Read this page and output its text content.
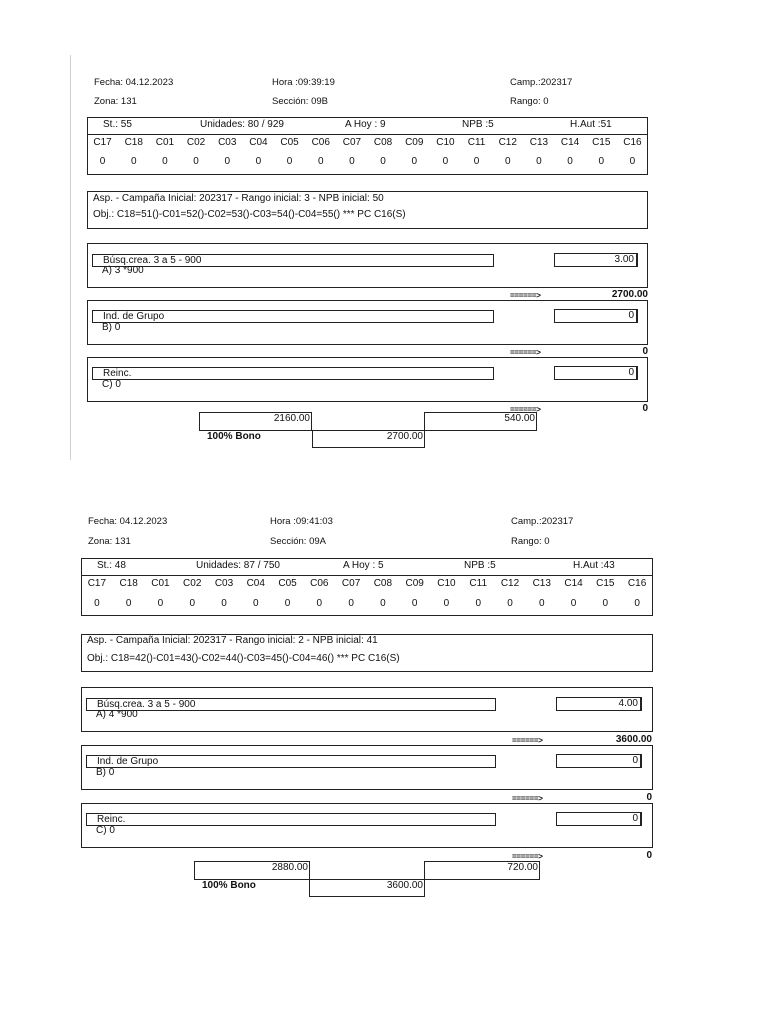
Fecha: 04.12.2023	Hora :09:39:19	Camp.:202317
Zona: 131	Sección: 09B	Rango: 0
St.: 55	Unidades: 80 / 929	A Hoy : 9	NPB :5	H.Aut :51
C17	C18	C01	C02	C03	C04	C05	C06	C07	C08	C09	C10	C11	C12	C13	C14	C15	C16
0	0	0	0	0	0	0	0	0	0	0	0	0	0	0	0	0	0
Asp. - Campaña Inicial: 202317 - Rango inicial: 3 - NPB inicial: 50
Obj.: C18=51()-C01=52()-C02=53()-C03=54()-C04=55() *** PC C16(S)
Búsq.crea. 3 a 5 - 900
A) 3 *900
3.00
======>	2700.00
Ind. de Grupo
B) 0
0
======>	0
Reinc.
C) 0
0
======>	0
2160.00	540.00
100% Bono	2700.00
Fecha: 04.12.2023	Hora :09:41:03	Camp.:202317
Zona: 131	Sección: 09A	Rango: 0
St.: 48	Unidades: 87 / 750	A Hoy : 5	NPB :5	H.Aut :43
C17	C18	C01	C02	C03	C04	C05	C06	C07	C08	C09	C10	C11	C12	C13	C14	C15	C16
0	0	0	0	0	0	0	0	0	0	0	0	0	0	0	0	0	0
Asp. - Campaña Inicial: 202317 - Rango inicial: 2 - NPB inicial: 41
Obj.: C18=42()-C01=43()-C02=44()-C03=45()-C04=46() *** PC C16(S)
Búsq.crea. 3 a 5 - 900
A) 4 *900
4.00
======>	3600.00
Ind. de Grupo
B) 0
0
======>	0
Reinc.
C) 0
0
======>	0
2880.00	720.00
100% Bono	3600.00
